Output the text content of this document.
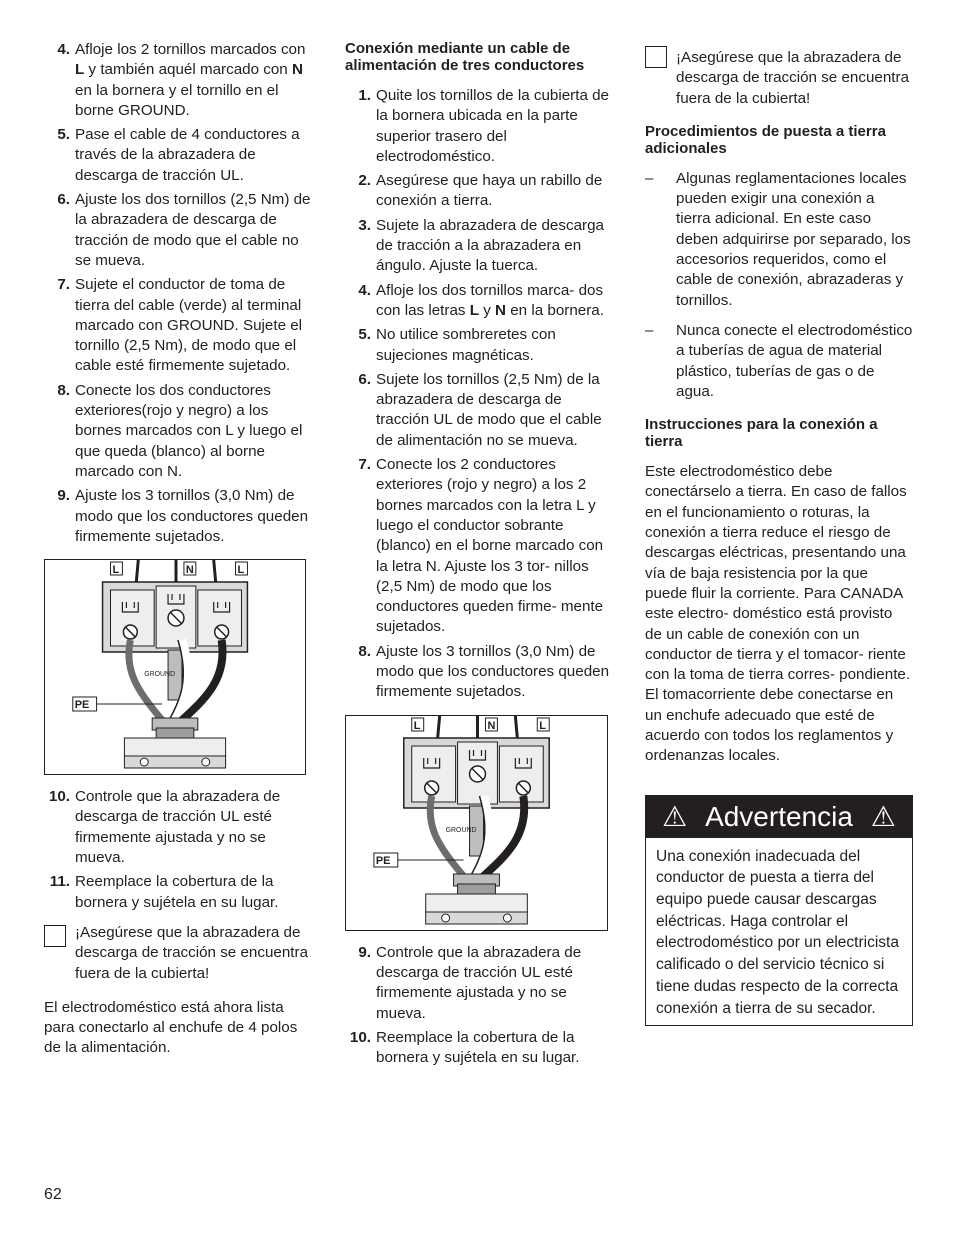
4. Afloje los 2 tornillos marcados con L y también aquél marcado con N en la bornera y el tornillo en el borne GROUND.
5. Pase el cable de 4 conductores a través de la abrazadera de descarga de tracción UL.
6. Ajuste los dos tornillos (2,5 Nm) de la abrazadera de descarga de tracción de modo que el cable no se mueva.
7. Sujete el conductor de toma de tierra del cable (verde) al terminal marcado con GROUND. Sujete el tornillo (2,5 Nm), de modo que el cable esté firmemente sujetado.
8. Conecte los dos conductores exteriores(rojo y negro) a los bornes marcados con L y luego el que queda (blanco) al borne marcado con N.
9. Ajuste los 3 tornillos (3,0 Nm) de modo que los conductores queden firmemente sujetados.
L	N	L
GROUND
PE
10. Controle que la abrazadera de descarga de tracción UL esté firmemente ajustada y no se mueva.
11. Reemplace la cobertura de la bornera y sujétela en su lugar.
¡Asegúrese que la abrazadera de descarga de tracción se encuentra fuera de la cubierta!

El electrodoméstico está ahora lista para conectarlo al enchufe de 4 polos de la alimentación.

Conexión mediante un cable de alimentación de tres conductores

1. Quite los tornillos de la cubierta de la bornera ubicada en la parte superior trasero del electrodoméstico.
2. Asegúrese que haya un rabillo de conexión a tierra.
3. Sujete la abrazadera de descarga de tracción a la abrazadera en ángulo. Ajuste la tuerca.
4. Afloje los dos tornillos marca- dos con las letras L y N en la bornera.
5. No utilice sombreretes con sujeciones magnéticas.
6. Sujete los tornillos (2,5 Nm) de la abrazadera de descarga de tracción UL de modo que el cable de alimentación no se mueva.
7. Conecte los 2 conductores exteriores (rojo y negro) a los 2 bornes marcados con la letra L y luego el conductor sobrante (blanco) en el borne marcado con la letra N. Ajuste los 3 tor- nillos (2,5 Nm) de modo que los conductores queden firme- mente sujetados.
8. Ajuste los 3 tornillos (3,0 Nm) de modo que los conductores queden firmemente sujetados.
L	N	L
GROUND
PE
9. Controle que la abrazadera de descarga de tracción UL esté firmemente ajustada y no se mueva.
10. Reemplace la cobertura de la bornera y sujétela en su lugar.
¡Asegúrese que la abrazadera de descarga de tracción se encuentra fuera de la cubierta!

Procedimientos de puesta a tierra adicionales

– Algunas reglamentaciones locales pueden exigir una conexión a tierra adicional. En este caso deben adquirirse por separado, los accesorios requeridos, como el cable de conexión, abrazaderas y tornillos.
– Nunca conecte el electrodoméstico a tuberías de agua de material plástico, tuberías de gas o de agua.

Instrucciones para la conexión a tierra

Este electrodoméstico debe conectárselo a tierra. En caso de fallos en el funcionamiento o roturas, la conexión a tierra reduce el riesgo de descargas eléctricas, presentando una vía de baja resistencia por la que puede fluir la corriente. Para CANADA este electro- doméstico está provisto de un cable de conexión con un conductor de tierra y el tomacor- riente con la toma de tierra corres- pondiente. El tomacorriente debe conectarse en un enchufe adecuado que esté de acuerdo con todos los reglamentos y ordenanzas locales.

⚠ Advertencia ⚠
Una conexión inadecuada del conductor de puesta a tierra del equipo puede causar descargas eléctricas. Haga controlar el electrodoméstico por un electricista calificado o del servicio técnico si tiene dudas respecto de la correcta conexión a tierra de su secador.
62
